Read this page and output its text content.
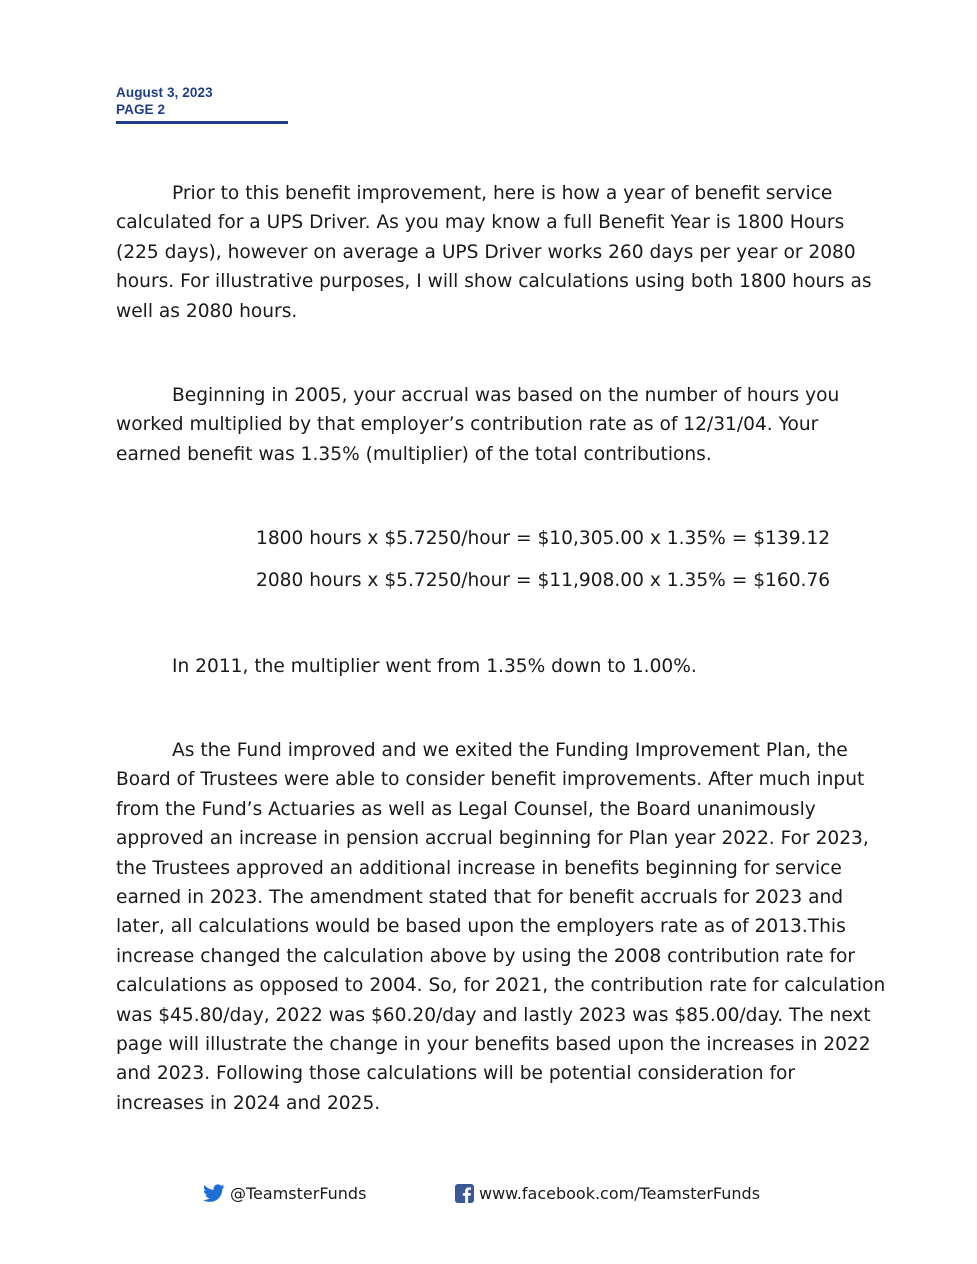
August 3, 2023
PAGE 2
Prior to this benefit improvement, here is how a year of benefit service calculated for a UPS Driver. As you may know a full Benefit Year is 1800 Hours (225 days), however on average a UPS Driver works 260 days per year or 2080 hours. For illustrative purposes, I will show calculations using both 1800 hours as well as 2080 hours.
Beginning in 2005, your accrual was based on the number of hours you worked multiplied by that employer’s contribution rate as of 12/31/04. Your earned benefit was 1.35% (multiplier) of the total contributions.
1800 hours x $5.7250/hour = $10,305.00 x 1.35% = $139.12
2080 hours x $5.7250/hour = $11,908.00 x 1.35% = $160.76
In 2011, the multiplier went from 1.35% down to 1.00%.
As the Fund improved and we exited the Funding Improvement Plan, the Board of Trustees were able to consider benefit improvements. After much input from the Fund’s Actuaries as well as Legal Counsel, the Board unanimously approved an increase in pension accrual beginning for Plan year 2022. For 2023, the Trustees approved an additional increase in benefits beginning for service earned in 2023. The amendment stated that for benefit accruals for 2023 and later, all calculations would be based upon the employers rate as of 2013.This increase changed the calculation above by using the 2008 contribution rate for calculations as opposed to 2004. So, for 2021, the contribution rate for calculation was $45.80/day, 2022 was $60.20/day and lastly 2023 was $85.00/day. The next page will illustrate the change in your benefits based upon the increases in 2022 and 2023. Following those calculations will be potential consideration for increases in 2024 and 2025.
@TeamsterFunds	www.facebook.com/TeamsterFunds
